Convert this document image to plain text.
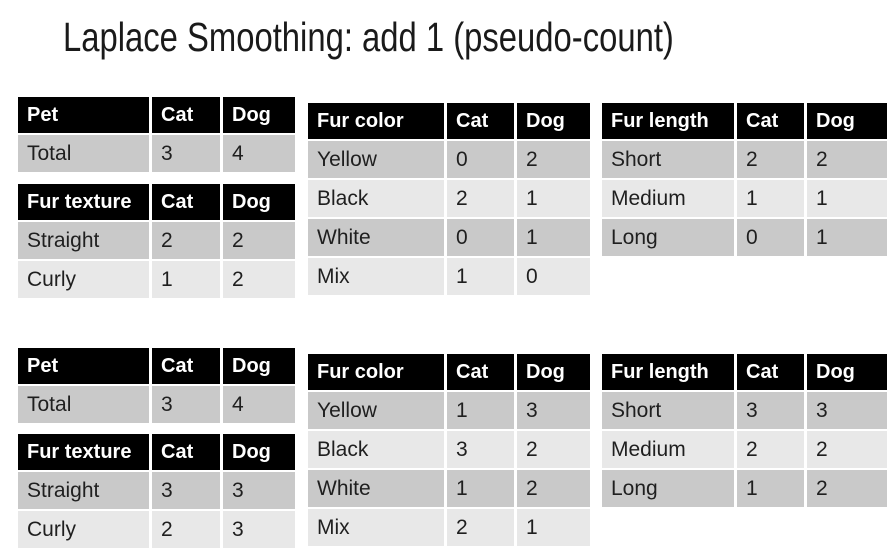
Laplace Smoothing: add 1 (pseudo-count)
Pet	Cat	Dog
Total	3	4
Fur texture	Cat	Dog
Straight	2	2
Curly	1	2
Fur color	Cat	Dog
Yellow	0	2
Black	2	1
White	0	1
Mix	1	0
Fur length	Cat	Dog
Short	2	2
Medium	1	1
Long	0	1
Pet	Cat	Dog
Total	3	4
Fur texture	Cat	Dog
Straight	3	3
Curly	2	3
Fur color	Cat	Dog
Yellow	1	3
Black	3	2
White	1	2
Mix	2	1
Fur length	Cat	Dog
Short	3	3
Medium	2	2
Long	1	2
